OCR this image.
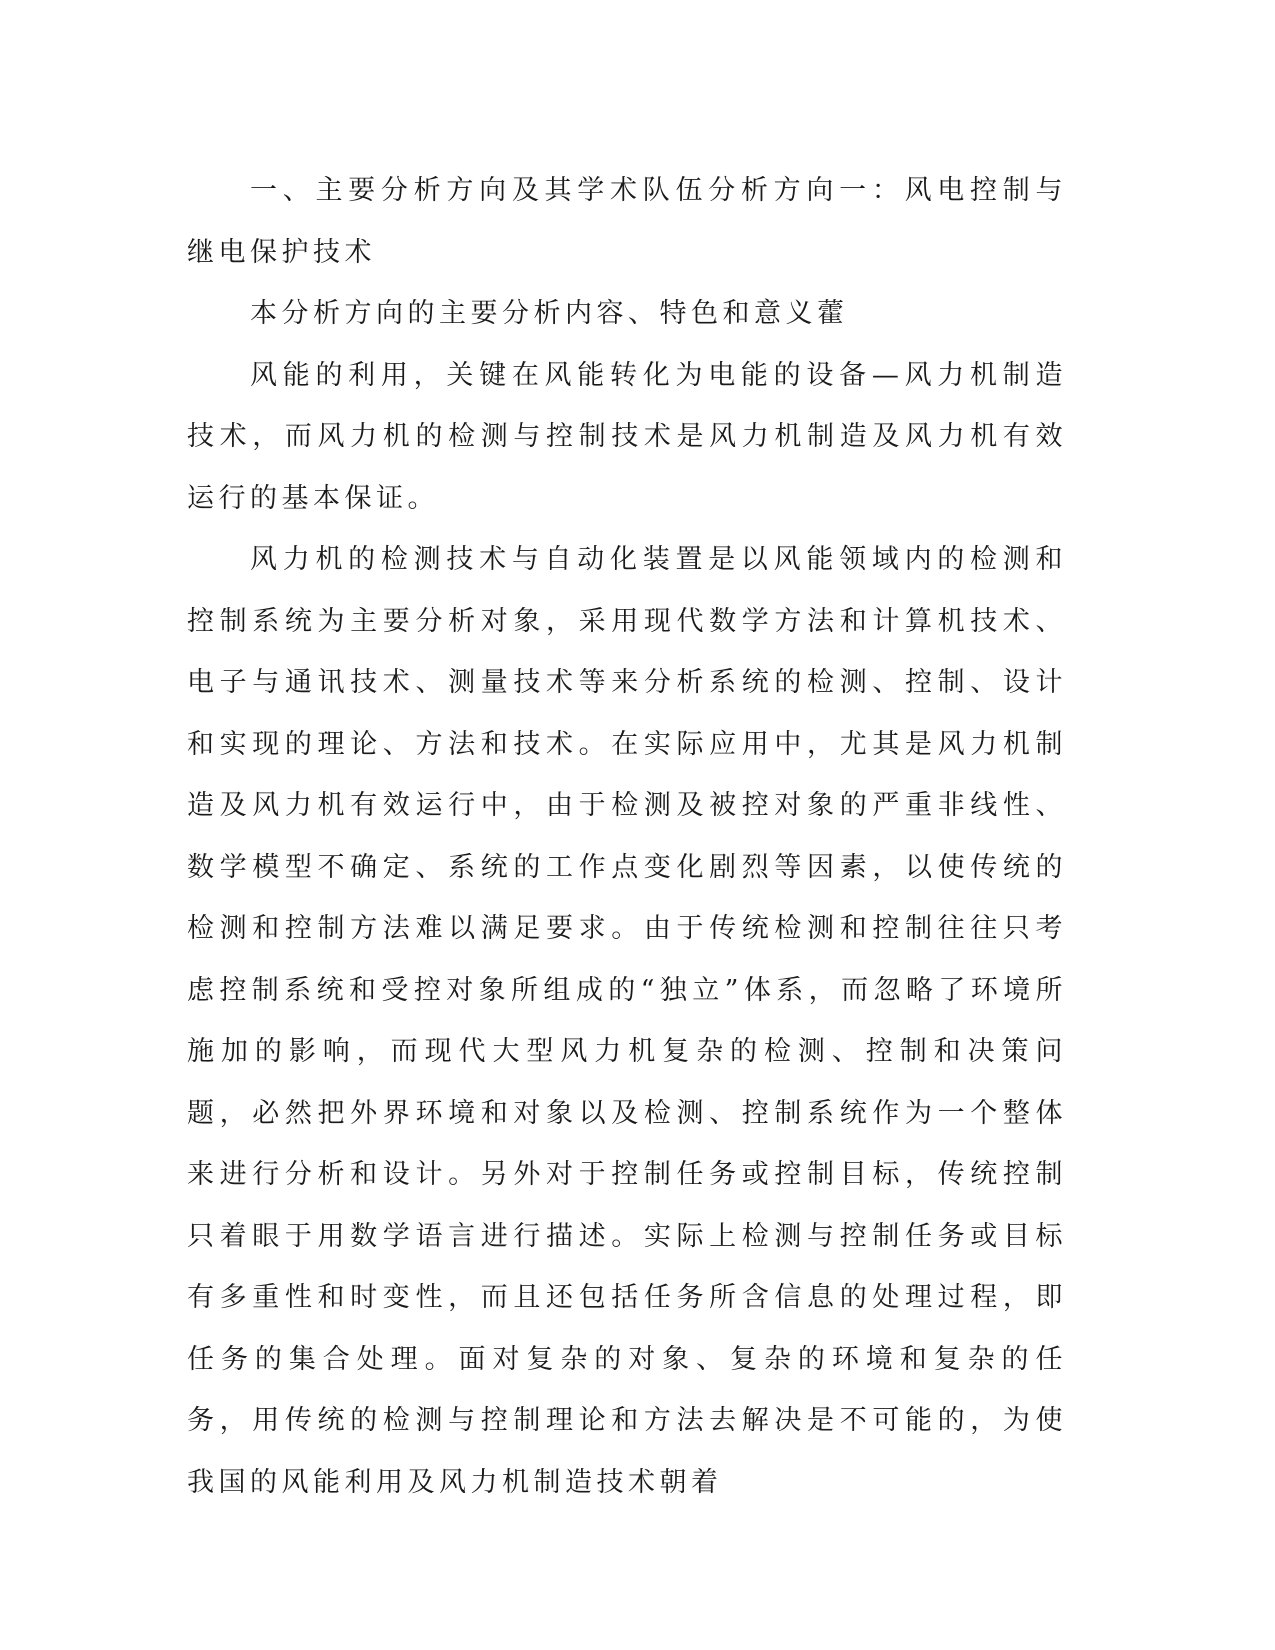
一、主要分析方向及其学术队伍分析方向一：风电控制与继电保护技术

本分析方向的主要分析内容、特色和意义藿

风能的利用，关键在风能转化为电能的设备—风力机制造技术，而风力机的检测与控制技术是风力机制造及风力机有效运行的基本保证。

风力机的检测技术与自动化装置是以风能领域内的检测和控制系统为主要分析对象，采用现代数学方法和计算机技术、电子与通讯技术、测量技术等来分析系统的检测、控制、设计和实现的理论、方法和技术。在实际应用中，尤其是风力机制造及风力机有效运行中，由于检测及被控对象的严重非线性、数学模型不确定、系统的工作点变化剧烈等因素，以使传统的检测和控制方法难以满足要求。由于传统检测和控制往往只考虑控制系统和受控对象所组成的“独立”体系，而忽略了环境所施加的影响，而现代大型风力机复杂的检测、控制和决策问题，必然把外界环境和对象以及检测、控制系统作为一个整体来进行分析和设计。另外对于控制任务或控制目标，传统控制只着眼于用数学语言进行描述。实际上检测与控制任务或目标有多重性和时变性，而且还包括任务所含信息的处理过程，即任务的集合处理。面对复杂的对象、复杂的环境和复杂的任务，用传统的检测与控制理论和方法去解决是不可能的，为使我国的风能利用及风力机制造技术朝着
